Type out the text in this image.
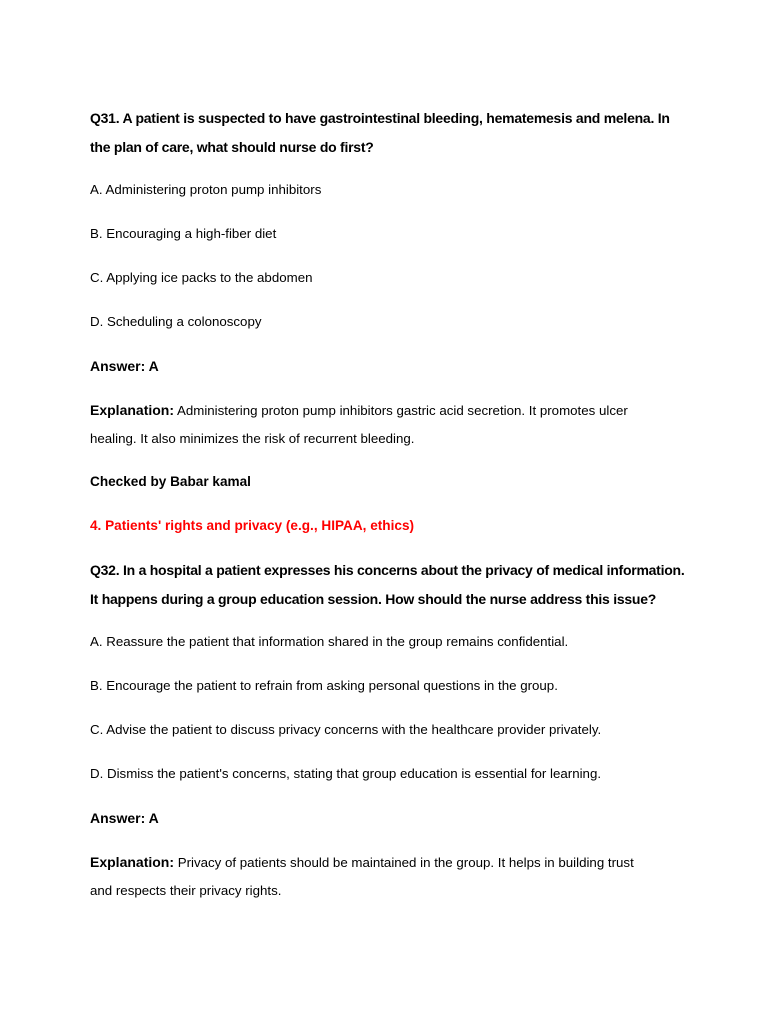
Q31. A patient is suspected to have gastrointestinal bleeding, hematemesis and melena. In
the plan of care, what should nurse do first?
A. Administering proton pump inhibitors
B. Encouraging a high-fiber diet
C. Applying ice packs to the abdomen
D. Scheduling a colonoscopy
Answer: A
Explanation: Administering proton pump inhibitors gastric acid secretion. It promotes ulcer
healing. It also minimizes the risk of recurrent bleeding.
Checked by Babar kamal
4. Patients' rights and privacy (e.g., HIPAA, ethics)
Q32. In a hospital a patient expresses his concerns about the privacy of medical information.
It happens during a group education session. How should the nurse address this issue?
A. Reassure the patient that information shared in the group remains confidential.
B. Encourage the patient to refrain from asking personal questions in the group.
C. Advise the patient to discuss privacy concerns with the healthcare provider privately.
D. Dismiss the patient's concerns, stating that group education is essential for learning.
Answer: A
Explanation: Privacy of patients should be maintained in the group. It helps in building trust
and respects their privacy rights.
